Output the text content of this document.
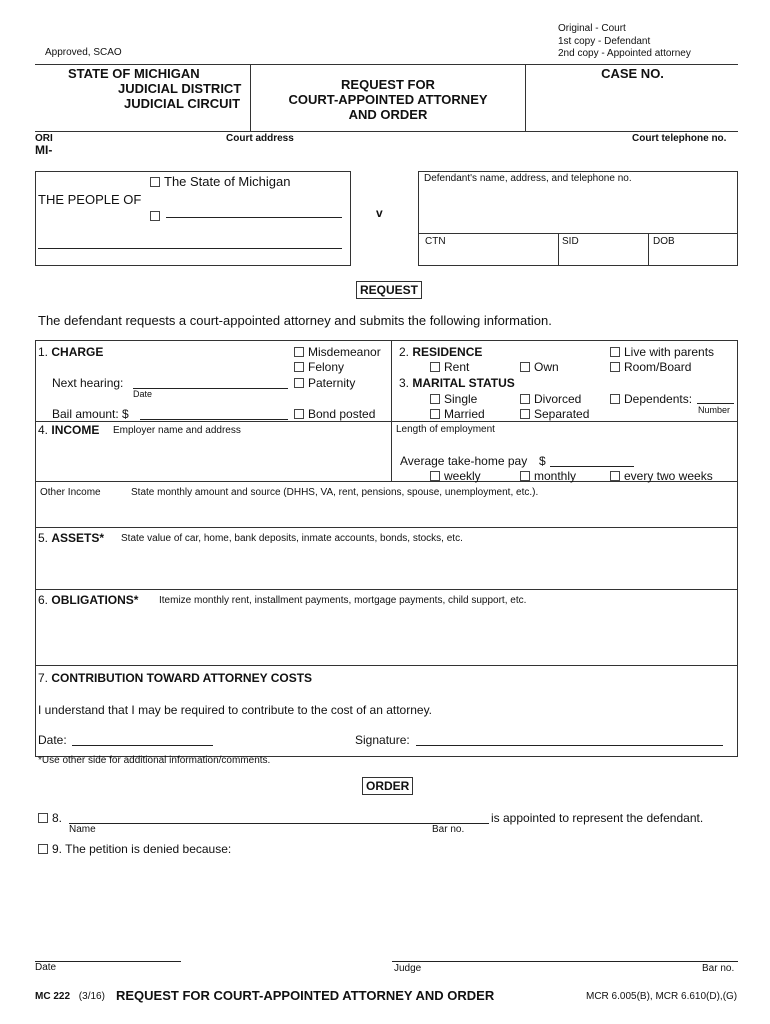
Original - Court
1st copy - Defendant
2nd copy - Appointed attorney
Approved, SCAO
STATE OF MICHIGAN
JUDICIAL DISTRICT
JUDICIAL CIRCUIT
REQUEST FOR
COURT-APPOINTED ATTORNEY
AND ORDER
CASE NO.
ORI
MI-
Court address	Court telephone no.
The State of Michigan
THE PEOPLE OF
v
Defendant's name, address, and telephone no.
CTN	SID	DOB
REQUEST
The defendant requests a court-appointed attorney and submits the following information.
1. CHARGE
Next hearing:
Date
Bail amount: $
Misdemeanor
Felony
Paternity
Bond posted
2. RESIDENCE
Rent	Own
Live with parents
Room/Board
3. MARITAL STATUS
Single	Divorced
Married	Separated
Dependents:
Number
4. INCOME Employer name and address	Length of employment
Average take-home pay $
weekly	monthly	every two weeks
Other Income	State monthly amount and source (DHHS, VA, rent, pensions, spouse, unemployment, etc.).
5. ASSETS* State value of car, home, bank deposits, inmate accounts, bonds, stocks, etc.
6. OBLIGATIONS* Itemize monthly rent, installment payments, mortgage payments, child support, etc.
7. CONTRIBUTION TOWARD ATTORNEY COSTS
I understand that I may be required to contribute to the cost of an attorney.
Date:	Signature:
*Use other side for additional information/comments.
ORDER
8.	is appointed to represent the defendant.
Name	Bar no.
9. The petition is denied because:
Date	Judge	Bar no.
MC 222 (3/16) REQUEST FOR COURT-APPOINTED ATTORNEY AND ORDER	MCR 6.005(B), MCR 6.610(D),(G)
